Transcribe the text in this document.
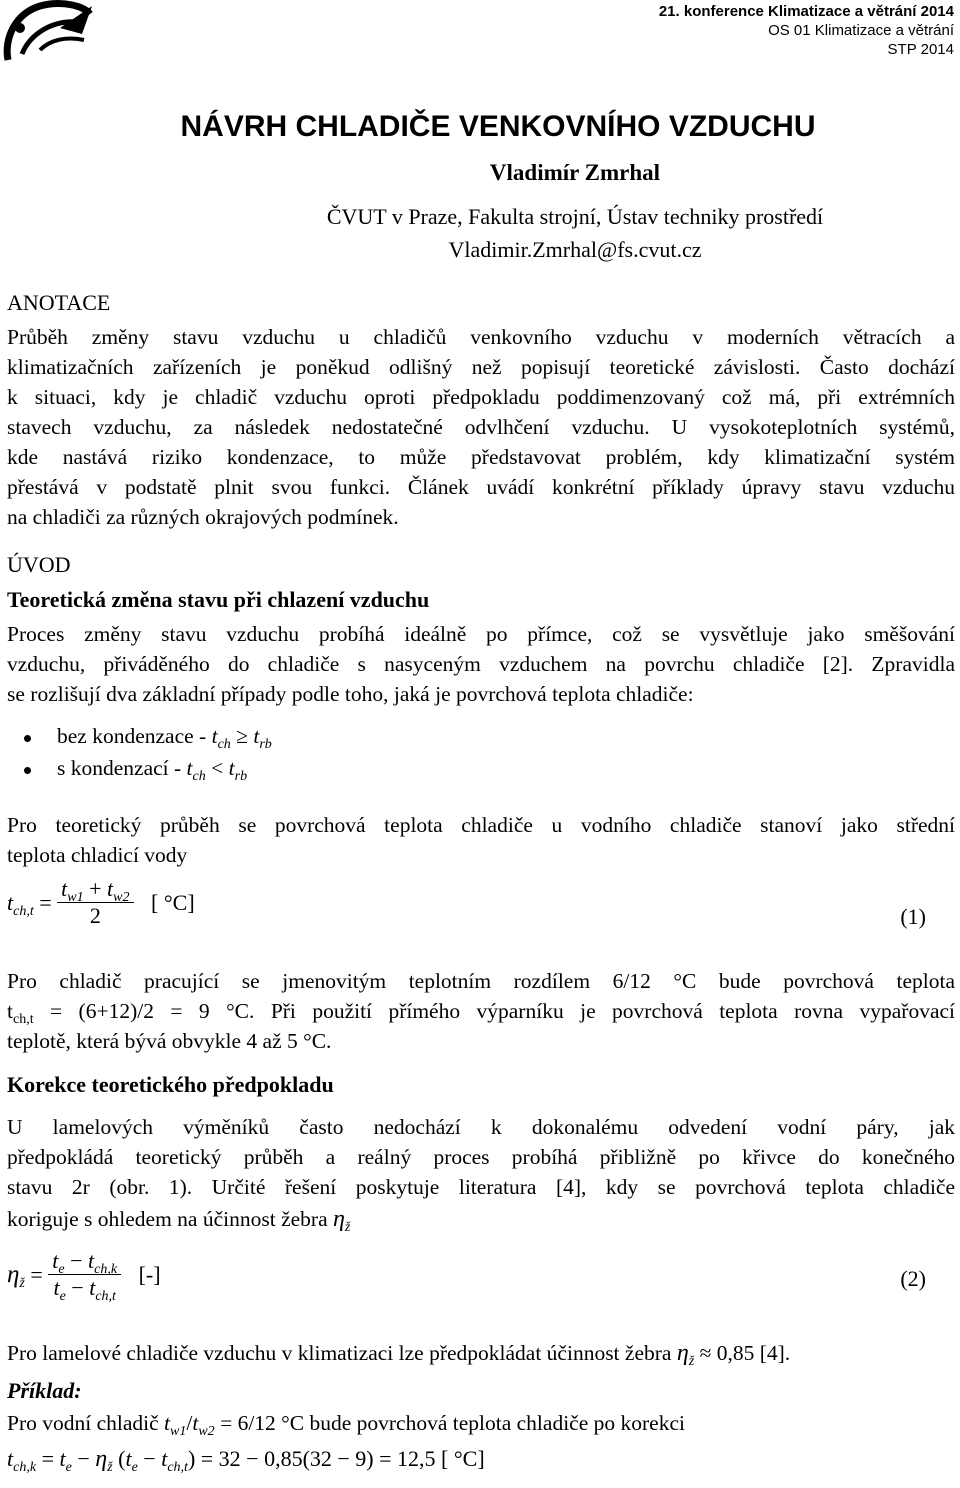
21. konference Klimatizace a větrání 2014
OS 01 Klimatizace a větrání
STP 2014
NÁVRH CHLADIČE VENKOVNÍHO VZDUCHU
Vladimír Zmrhal
ČVUT v Praze, Fakulta strojní, Ústav techniky prostředí
Vladimir.Zmrhal@fs.cvut.cz
ANOTACE
Průběh změny stavu vzduchu u chladičů venkovního vzduchu v moderních větracích a
klimatizačních zařízeních je poněkud odlišný než popisují teoretické závislosti. Často dochází
k situaci, kdy je chladič vzduchu oproti předpokladu poddimenzovaný což má, při extrémních
stavech vzduchu, za následek nedostatečné odvlhčení vzduchu. U vysokoteplotních systémů,
kde nastává riziko kondenzace, to může představovat problém, kdy klimatizační systém
přestává v podstatě plnit svou funkci. Článek uvádí konkrétní příklady úpravy stavu vzduchu
na chladiči za různých okrajových podmínek.
ÚVOD
Teoretická změna stavu při chlazení vzduchu
Proces změny stavu vzduchu probíhá ideálně po přímce, což se vysvětluje jako směšování
vzduchu, přiváděného do chladiče s nasyceným vzduchem na povrchu chladiče [2]. Zpravidla
se rozlišují dva základní případy podle toho, jaká je povrchová teplota chladiče:
bez kondenzace - $t_{ch} \ge t_{rb}$
s kondenzací - $t_{ch} < t_{rb}$
Pro teoretický průběh se povrchová teplota chladiče u vodního chladiče stanoví jako střední
teplota chladicí vody
$t_{ch,t} = \frac{t_{w1} + t_{w2}}{2}$ [ °C]
(1)
Pro chladič pracující se jmenovitým teplotním rozdílem 6/12 °C bude povrchová teplota
$t_{ch,t} = (6+12)/2 = 9$ °C. Při použití přímého výparníku je povrchová teplota rovna vypařovací
teplotě, která bývá obvykle 4 až 5 °C.
Korekce teoretického předpokladu
U lamelových výměníků často nedochází k dokonalému odvedení vodní páry, jak
předpokládá teoretický průběh a reálný proces probíhá přibližně po křivce do konečného
stavu 2r (obr. 1). Určité řešení poskytuje literatura [4], kdy se povrchová teplota chladiče
koriguje s ohledem na účinnost žebra $\eta_ž$
$\eta_ž = \frac{t_e - t_{ch,k}}{t_e - t_{ch,t}}$ [-]	(2)
Pro lamelové chladiče vzduchu v klimatizaci lze předpokládat účinnost žebra $\eta_ž \approx 0,85$ [4].
Příklad:
Pro vodní chladič $t_{w1}/t_{w2} = 6/12$ °C bude povrchová teplota chladiče po korekci
$t_{ch,k} = t_e - \eta_ž$ $(t_e - t_{ch,t}) = 32 - 0,85(32 - 9) = 12,5$ [ °C]
